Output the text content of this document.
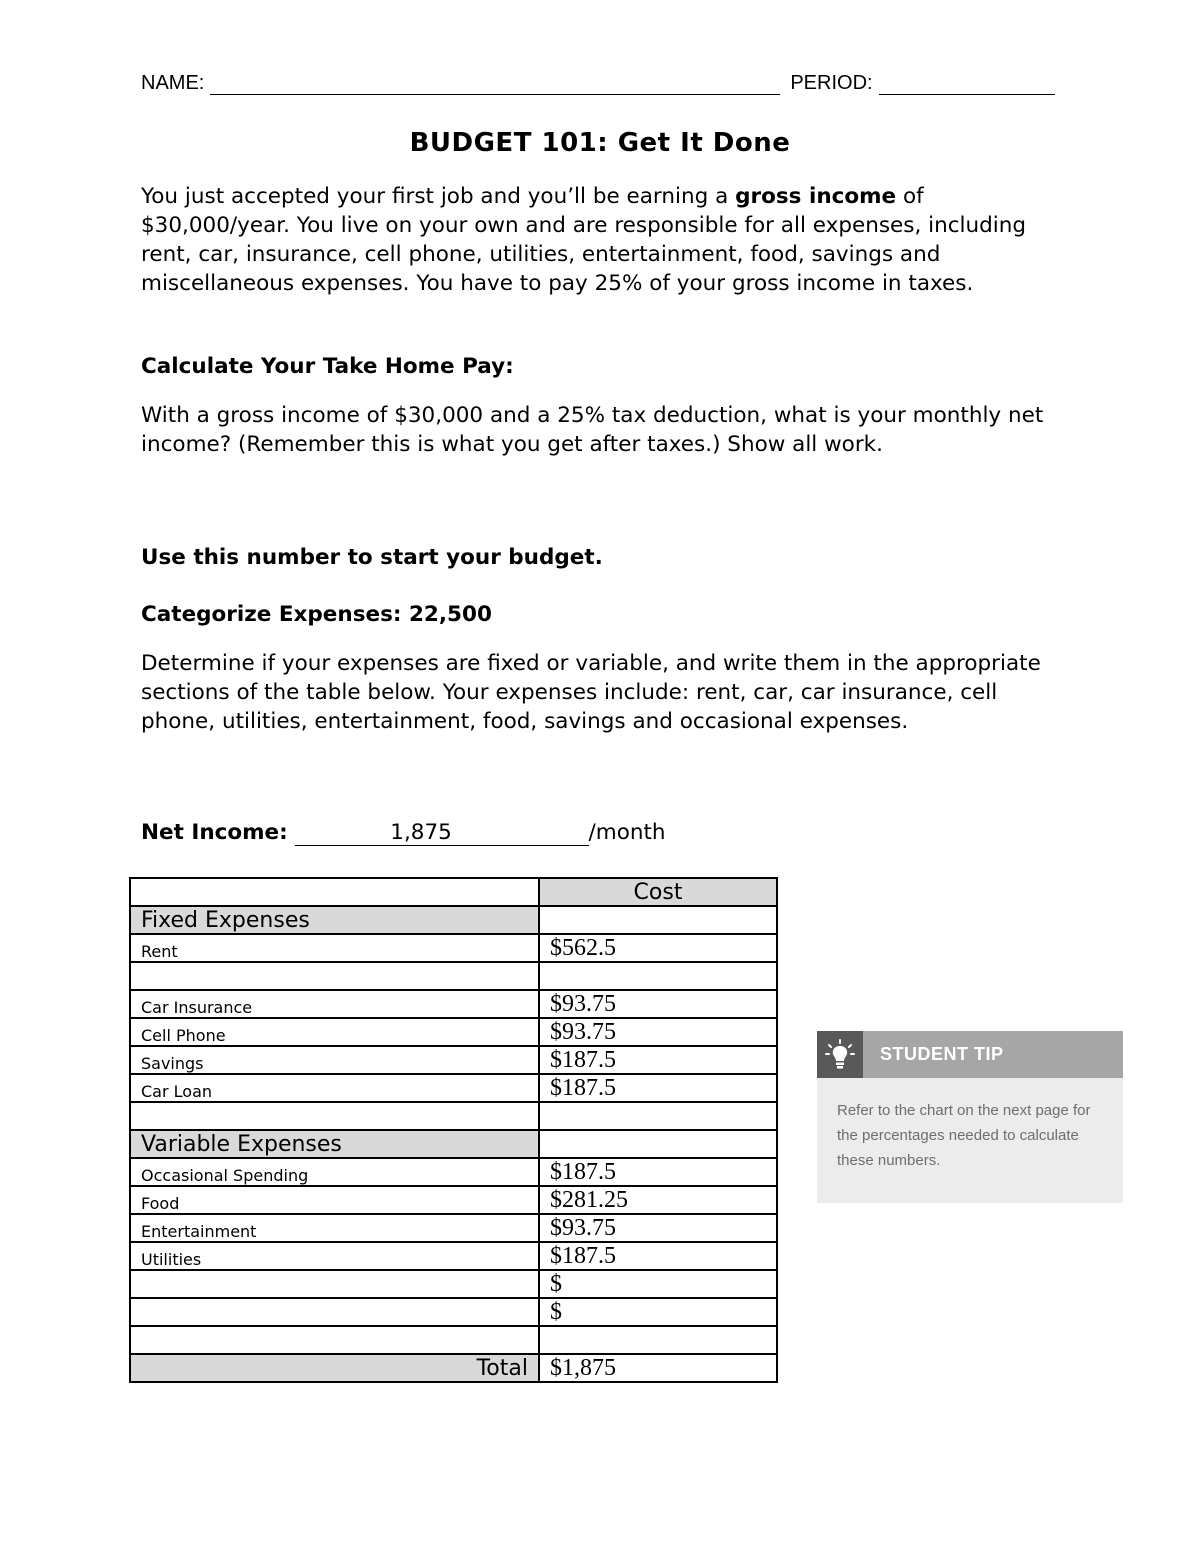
NAME:	PERIOD:
BUDGET 101: Get It Done

You just accepted your first job and you’ll be earning a gross income of $30,000/year. You live on your own and are responsible for all expenses, including rent, car, insurance, cell phone, utilities, entertainment, food, savings and miscellaneous expenses. You have to pay 25% of your gross income in taxes.

Calculate Your Take Home Pay:

With a gross income of $30,000 and a 25% tax deduction, what is your monthly net income? (Remember this is what you get after taxes.) Show all work.

Use this number to start your budget.

Categorize Expenses: 22,500

Determine if your expenses are fixed or variable, and write them in the appropriate sections of the table below. Your expenses include: rent, car, car insurance, cell phone, utilities, entertainment, food, savings and occasional expenses.

Net Income:	1,875	/month
	Cost
Fixed Expenses	
Rent	$562.5

Car Insurance	$93.75
Cell Phone	$93.75
Savings	$187.5
Car Loan	$187.5

Variable Expenses	
Occasional Spending	$187.5
Food	$281.25
Entertainment	$93.75
Utilities	$187.5
	$
	$

Total	$1,875
STUDENT TIP
Refer to the chart on the next page for the percentages needed to calculate these numbers.
